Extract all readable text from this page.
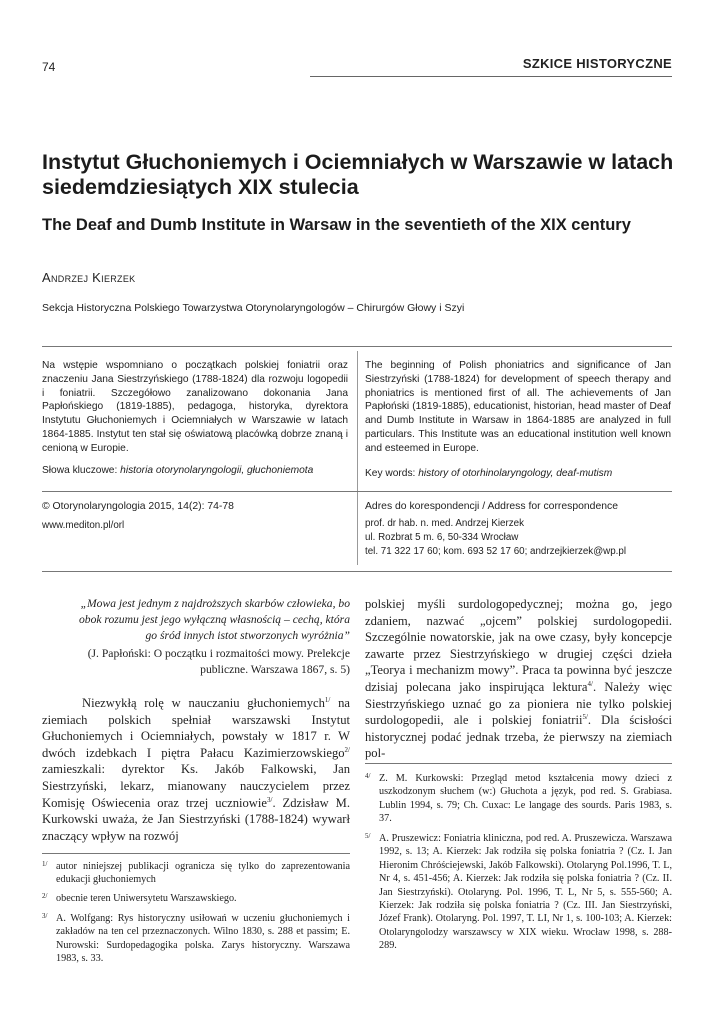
74	SZKICE HISTORYCZNE
Instytut Głuchoniemych i Ociemniałych w Warszawie w latach siedemdziesiątych XIX stulecia
The Deaf and Dumb Institute in Warsaw in the seventieth of the XIX century
Andrzej Kierzek
Sekcja Historyczna Polskiego Towarzystwa Otorynolaryngologów – Chirurgów Głowy i Szyi
Na wstępie wspomniano o początkach polskiej foniatrii oraz znaczeniu Jana Siestrzyńskiego (1788-1824) dla rozwoju logopedii i foniatrii. Szczegółowo zanalizowano dokonania Jana Papłońskiego (1819-1885), pedagoga, historyka, dyrektora Instytutu Głuchoniemych i Ociemniałych w Warszawie w latach 1864-1885. Instytut ten stał się oświatową placówką dobrze znaną i cenioną w Europie.
Słowa kluczowe: historia otorynolaryngologii, głuchoniemota
The beginning of Polish phoniatrics and significance of Jan Siestrzyński (1788-1824) for development of speech therapy and phoniatrics is mentioned first of all. The achievements of Jan Papłoński (1819-1885), educationist, historian, head master of Deaf and Dumb Institute in Warsaw in 1864-1885 are analyzed in full particulars. This Institute was an educational institution well known and esteemed in Europe.
Key words: history of otorhinolaryngology, deaf-mutism
© Otorynolaryngologia 2015, 14(2): 74-78
www.mediton.pl/orl
Adres do korespondencji / Address for correspondence
prof. dr hab. n. med. Andrzej Kierzek
ul. Rozbrat 5 m. 6, 50-334 Wrocław
tel. 71 322 17 60; kom. 693 52 17 60; andrzejkierzek@wp.pl
„Mowa jest jednym z najdroższych skarbów człowieka, bo obok rozumu jest jego wyłączną własnością – cechą, która go śród innych istot stworzonych wyróżnia”
(J. Papłoński: O początku i rozmaitości mowy. Prelekcje publiczne. Warszawa 1867, s. 5)
Niezwykłą rolę w nauczaniu głuchoniemych$^{1/}$ na ziemiach polskich spełniał warszawski Instytut Głuchoniemych i Ociemniałych, powstały w 1817 r. W dwóch izdebkach I piętra Pałacu Kazimierzowskiego$^{2/}$ zamieszkali: dyrektor Ks. Jakób Falkowski, Jan Siestrzyński, lekarz, mianowany nauczycielem przez Komisję Oświecenia oraz trzej uczniowie$^{3/}$. Zdzisław M. Kurkowski uważa, że Jan Siestrzyński (1788-1824) wywarł znaczący wpływ na rozwój
polskiej myśli surdologopedycznej; można go, jego zdaniem, nazwać „ojcem” polskiej surdologopedii. Szczególnie nowatorskie, jak na owe czasy, były koncepcje zawarte przez Siestrzyńskiego w drugiej części dzieła „Teorya i mechanizm mowy”. Praca ta powinna być jeszcze dzisiaj polecana jako inspirująca lektura$^{4/}$. Należy więc Siestrzyńskiego uznać go za pioniera nie tylko polskiej surdologopedii, ale i polskiej foniatrii$^{5/}$. Dla ścisłości historycznej podać jednak trzeba, że pierwszy na ziemiach pol-
1/ autor niniejszej publikacji ogranicza się tylko do zaprezentowania edukacji głuchoniemych
2/ obecnie teren Uniwersytetu Warszawskiego.
3/ A. Wolfgang: Rys historyczny usiłowań w uczeniu głuchoniemych i zakładów na ten cel przeznaczonych. Wilno 1830, s. 288 et passim; E. Nurowski: Surdopedagogika polska. Zarys historyczny. Warszawa 1983, s. 33.
4/ Z. M. Kurkowski: Przegląd metod kształcenia mowy dzieci z uszkodzonym słuchem (w:) Głuchota a język, pod red. S. Grabiasa. Lublin 1994, s. 79; Ch. Cuxac: Le langage des sourds. Paris 1983, s. 37.
5/ A. Pruszewicz: Foniatria kliniczna, pod red. A. Pruszewicza. Warszawa 1992, s. 13; A. Kierzek: Jak rodziła się polska foniatria ? (Cz. I. Jan Hieronim Chróściejewski, Jakób Falkowski). Otolaryng Pol.1996, T. L, Nr 4, s. 451-456; A. Kierzek: Jak rodziła się polska foniatria ? (Cz. II. Jan Siestrzyński). Otolaryng. Pol. 1996, T. L, Nr 5, s. 555-560; A. Kierzek: Jak rodziła się polska foniatria ? (Cz. III. Jan Siestrzyński, Józef Frank). Otolaryng. Pol. 1997, T. LI, Nr 1, s. 100-103; A. Kierzek: Otolaryngolodzy warszawscy w XIX wieku. Wrocław 1998, s. 288-289.
